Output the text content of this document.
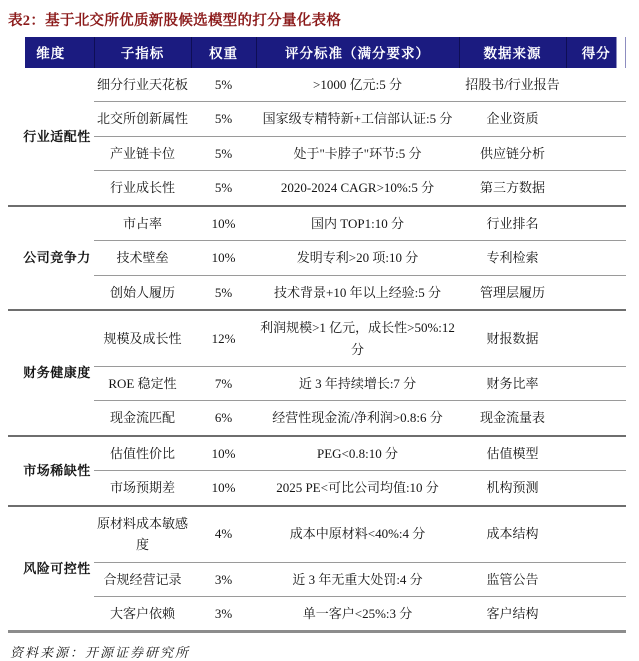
表2：基于北交所优质新股候选模型的打分量化表格
维度	子指标	权重	评分标准（满分要求）	数据来源	得分
行业适配性	细分行业天花板	5%	>1000 亿元:5 分	招股书/行业报告	
	北交所创新属性	5%	国家级专精特新+工信部认证:5 分	企业资质	
	产业链卡位	5%	处于"卡脖子"环节:5 分	供应链分析	
	行业成长性	5%	2020-2024 CAGR>10%:5 分	第三方数据	
公司竞争力	市占率	10%	国内 TOP1:10 分	行业排名	
	技术壁垒	10%	发明专利>20 项:10 分	专利检索	
	创始人履历	5%	技术背景+10 年以上经验:5 分	管理层履历	
财务健康度	规模及成长性	12%	利润规模>1 亿元，成长性>50%:12 分	财报数据	
	ROE 稳定性	7%	近 3 年持续增长:7 分	财务比率	
	现金流匹配	6%	经营性现金流/净利润>0.8:6 分	现金流量表	
市场稀缺性	估值性价比	10%	PEG<0.8:10 分	估值模型	
	市场预期差	10%	2025 PE<可比公司均值:10 分	机构预测	
风险可控性	原材料成本敏感度	4%	成本中原材料<40%:4 分	成本结构	
	合规经营记录	3%	近 3 年无重大处罚:4 分	监管公告	
	大客户依赖	3%	单一客户<25%:3 分	客户结构	
资料来源：开源证券研究所
